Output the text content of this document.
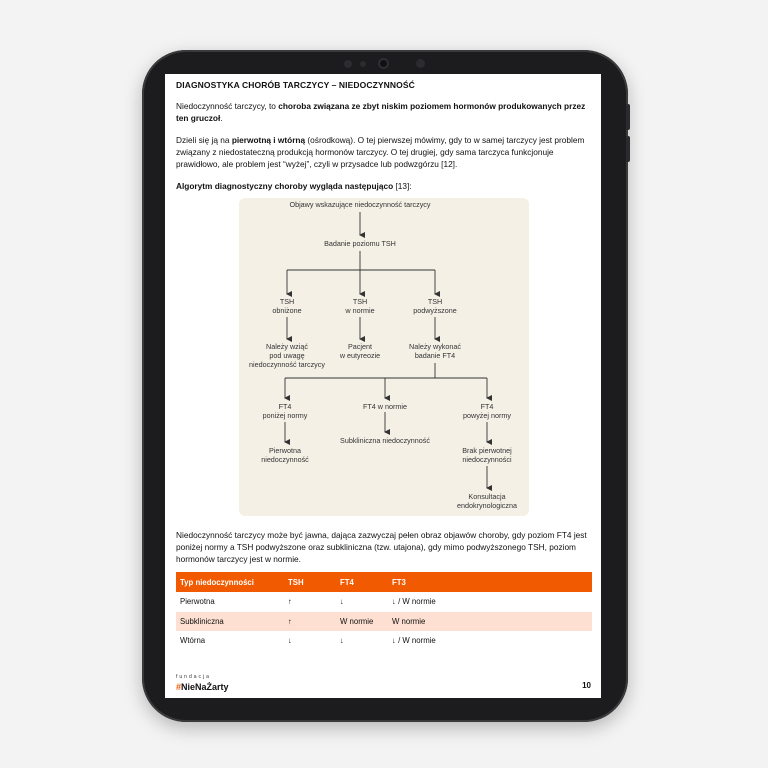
DIAGNOSTYKA CHORÓB TARCZYCY – NIEDOCZYNNOŚĆ
Niedoczynność tarczycy, to choroba związana ze zbyt niskim poziomem hormonów produkowanych przez ten gruczoł.
Dzieli się ją na pierwotną i wtórną (ośrodkową). O tej pierwszej mówimy, gdy to w samej tarczycy jest problem związany z niedostateczną produkcją hormonów tarczycy. O tej drugiej, gdy sama tarczyca funkcjonuje prawidłowo, ale problem jest “wyżej”, czyli w przysadce lub podwzgórzu [12].
Algorytm diagnostyczny choroby wygląda następująco [13]:
Objawy wskazujące niedoczynność tarczycy
Badanie poziomu TSH
TSH
obniżone
TSH
w normie
TSH
podwyższone
Należy wziąć
pod uwagę
niedoczynność tarczycy
Pacjent
w eutyreozie
Należy wykonać
badanie FT4
FT4
poniżej normy
FT4 w normie	FT4
powyżej normy
Pierwotna
niedoczynność
Subkliniczna niedoczynność
Brak pierwotnej
niedoczynności
Konsultacja
endokrynologiczna
Niedoczynność tarczycy może być jawna, dająca zazwyczaj pełen obraz objawów choroby, gdy poziom FT4 jest poniżej normy a TSH podwyższone oraz subkliniczna (tzw. utajona), gdy mimo podwyższonego TSH, poziom hormonów tarczycy jest w normie.
Typ niedoczynności	TSH	FT4	FT3
Pierwotna	↑	↓	↓ / W normie
Subkliniczna	↑	W normie	W normie
Wtórna	↓	↓	↓ / W normie
fundacja
#NieNaŻarty	10
